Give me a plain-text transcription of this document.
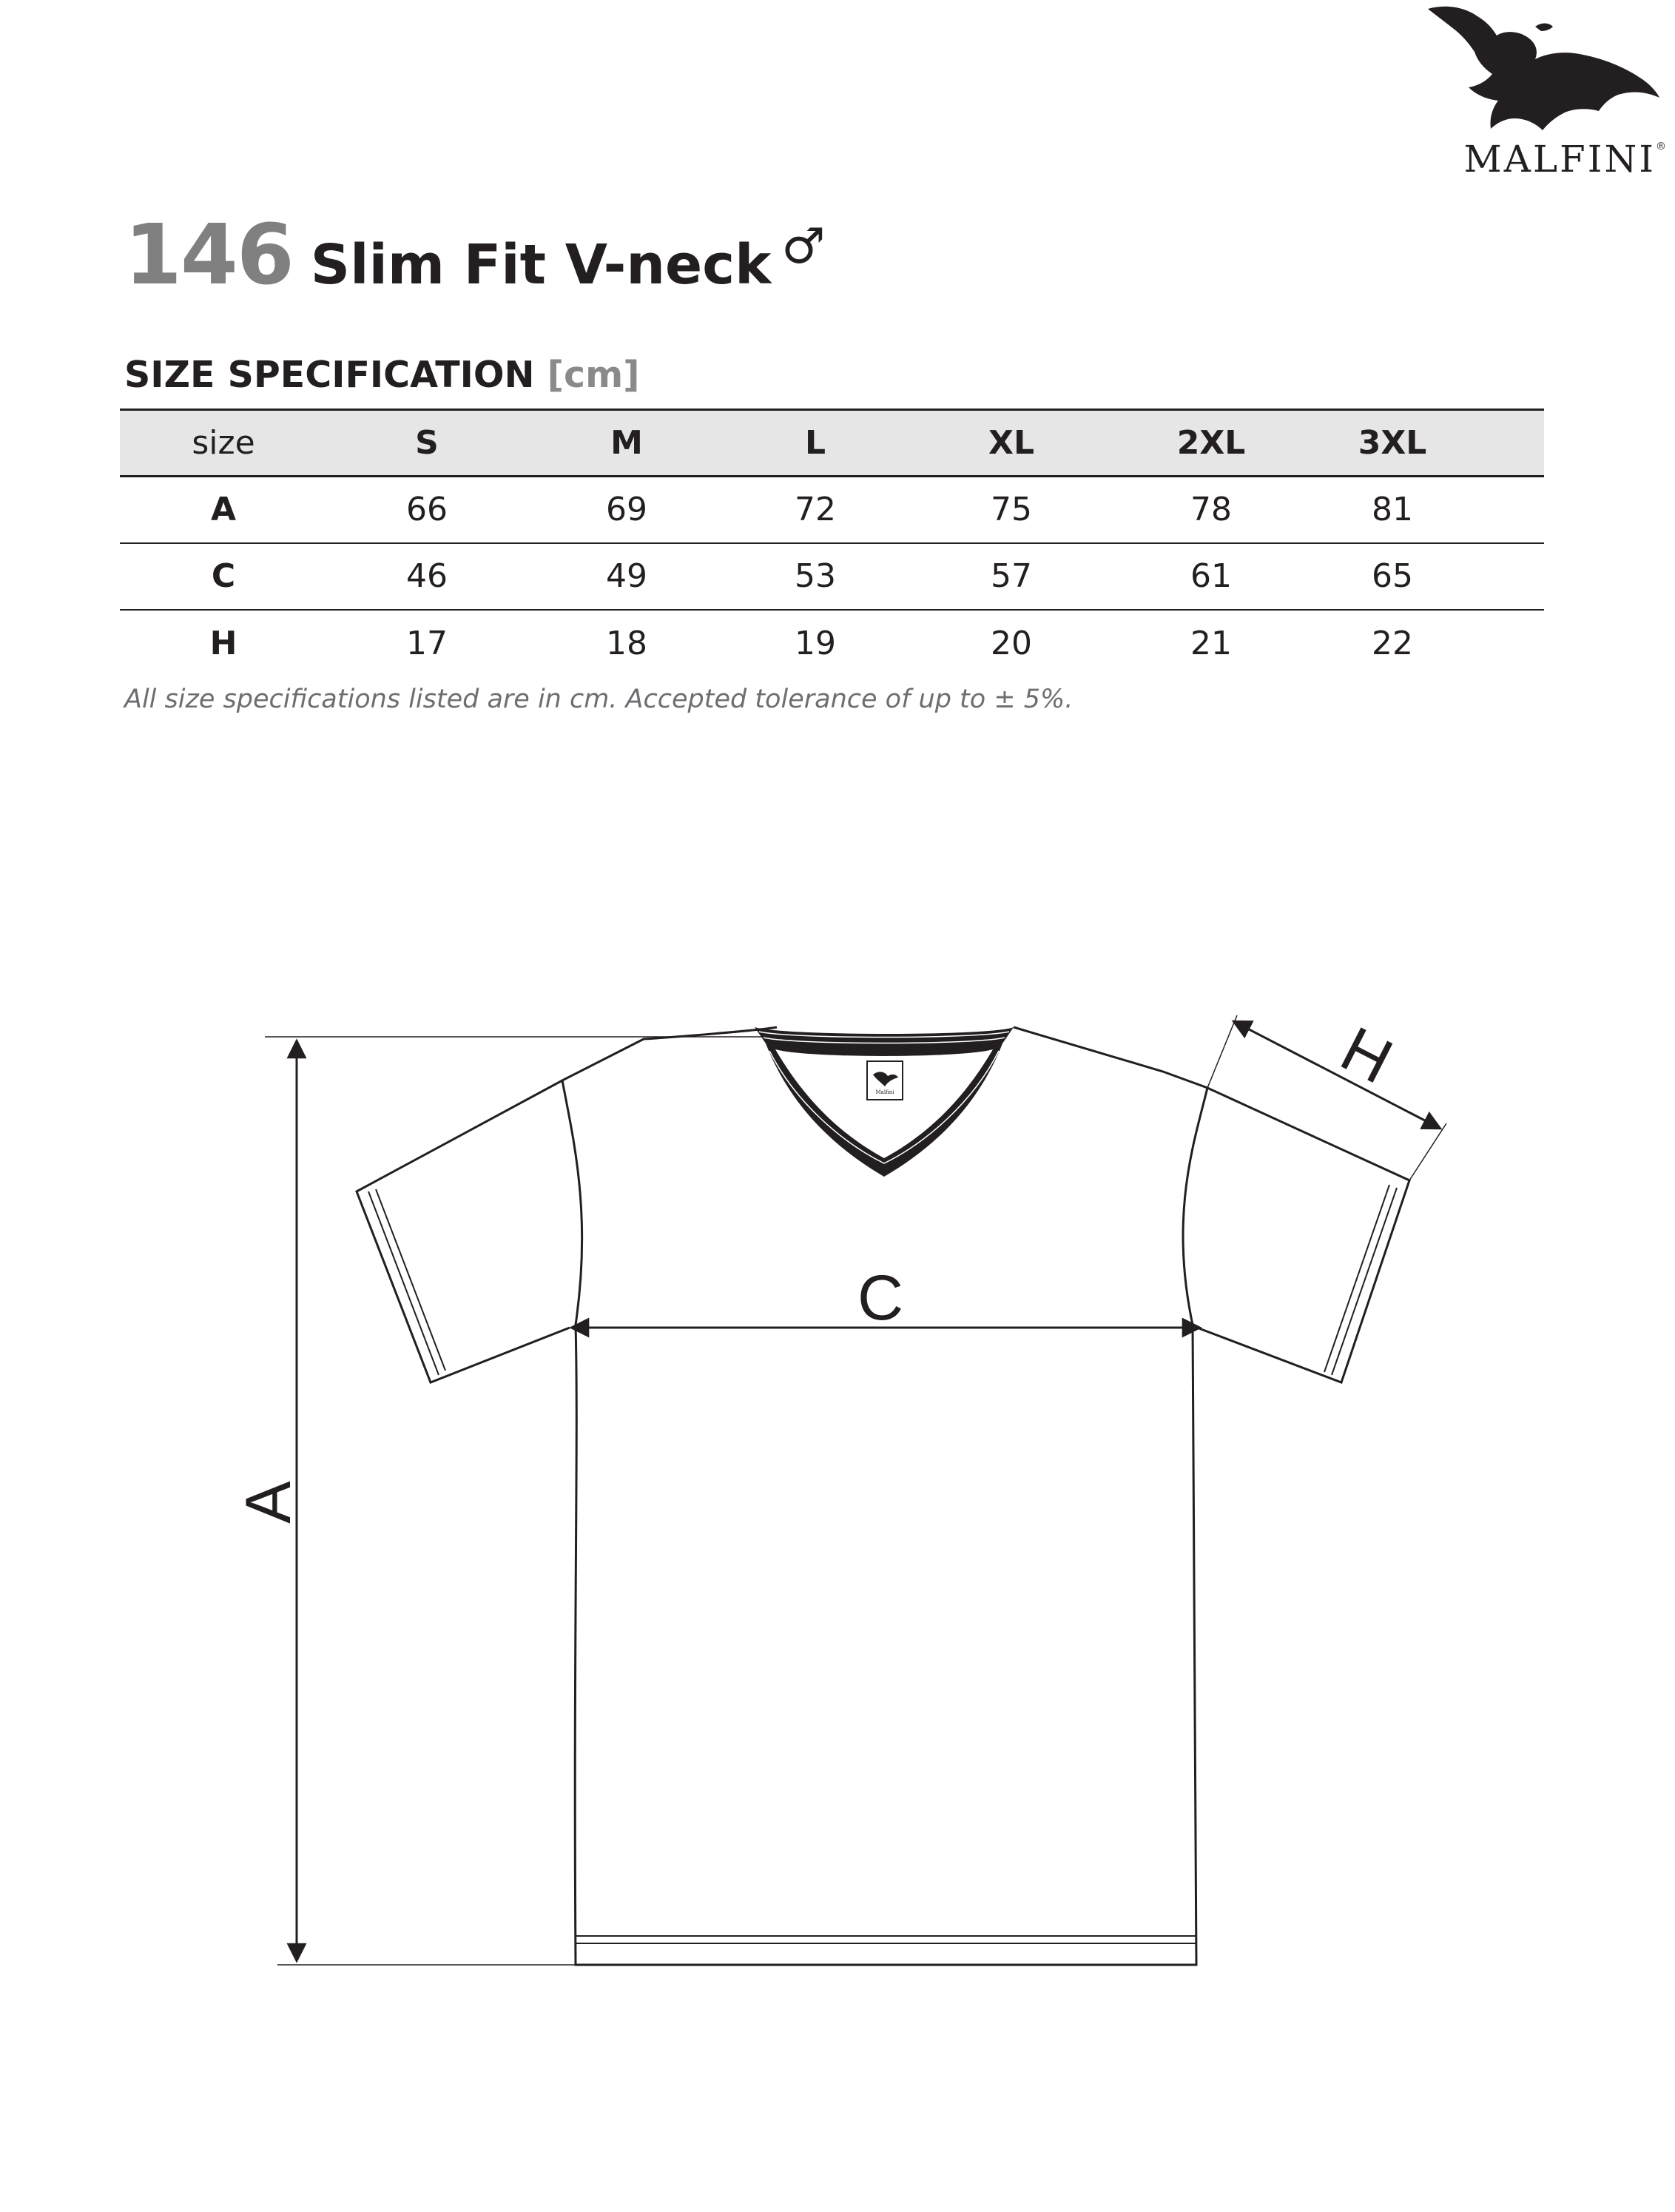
MALFINI®
146 Slim Fit V-neck ♂
SIZE SPECIFICATION [cm]
size	S	M	L	XL	2XL	3XL	
A	66	69	72	75	78	81	
C	46	49	53	57	61	65	
H	17	18	19	20	21	22	
All size specifications listed are in cm. Accepted tolerance of up to ± 5%.
Malfini
A
C
H
